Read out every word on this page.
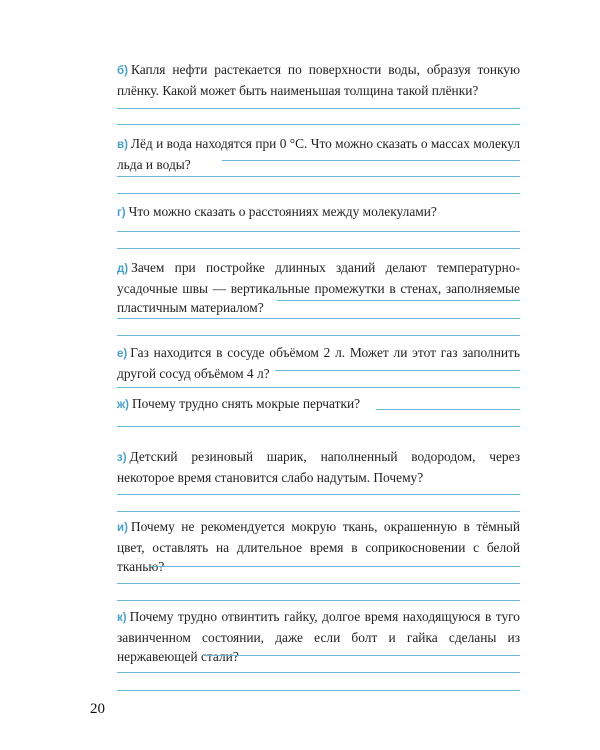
б) Капля нефти растекается по поверхности воды, образуя тонкую плёнку. Какой может быть наименьшая толщина такой плёнки?
в) Лёд и вода находятся при 0 °С. Что можно сказать о массах молекул льда и воды?
г) Что можно сказать о расстояниях между молекулами?
д) Зачем при постройке длинных зданий делают температурно-усадочные швы — вертикальные промежутки в стенах, заполняемые пластичным материалом?
е) Газ находится в сосуде объёмом 2 л. Может ли этот газ заполнить другой сосуд объёмом 4 л?
ж) Почему трудно снять мокрые перчатки?
з) Детский резиновый шарик, наполненный водородом, через некоторое время становится слабо надутым. Почему?
и) Почему не рекомендуется мокрую ткань, окрашенную в тёмный цвет, оставлять на длительное время в соприкосновении с белой тканью?
к) Почему трудно отвинтить гайку, долгое время находящуюся в туго завинченном состоянии, даже если болт и гайка сделаны из нержавеющей стали?
20
